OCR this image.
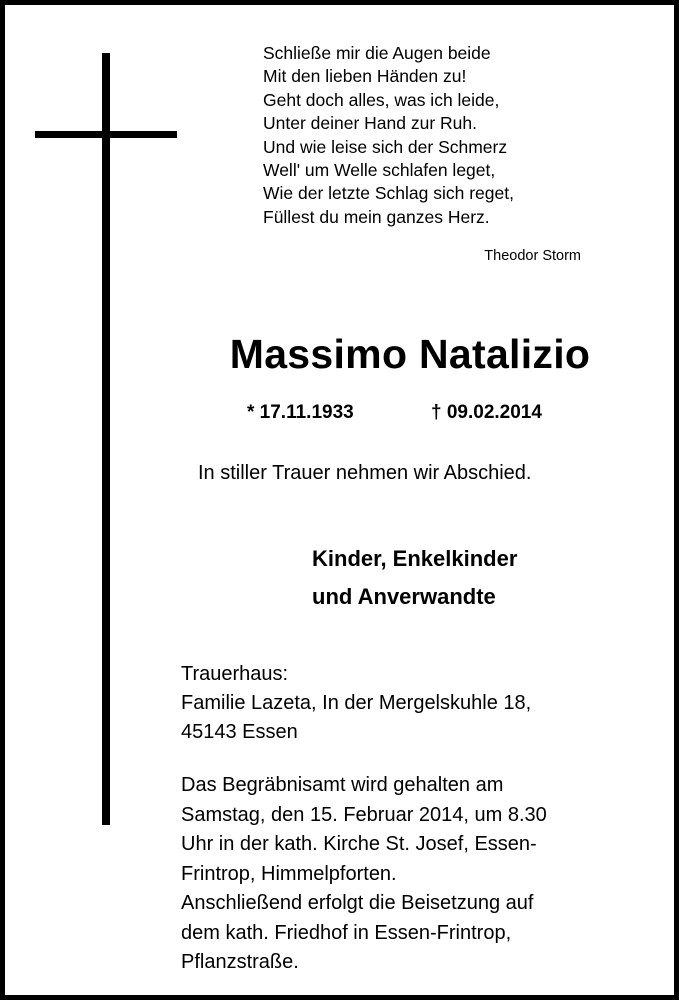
Schließe mir die Augen beide
Mit den lieben Händen zu!
Geht doch alles, was ich leide,
Unter deiner Hand zur Ruh.
Und wie leise sich der Schmerz
Well' um Welle schlafen leget,
Wie der letzte Schlag sich reget,
Füllest du mein ganzes Herz.
Theodor Storm
Massimo Natalizio
* 17.11.1933	† 09.02.2014
In stiller Trauer nehmen wir Abschied.
Kinder, Enkelkinder
und Anverwandte
Trauerhaus:
Familie Lazeta, In der Mergelskuhle 18,
45143 Essen
Das Begräbnisamt wird gehalten am
Samstag, den 15. Februar 2014, um 8.30
Uhr in der kath. Kirche St. Josef, Essen-
Frintrop, Himmelpforten.
Anschließend erfolgt die Beisetzung auf
dem kath. Friedhof in Essen-Frintrop,
Pflanzstraße.
